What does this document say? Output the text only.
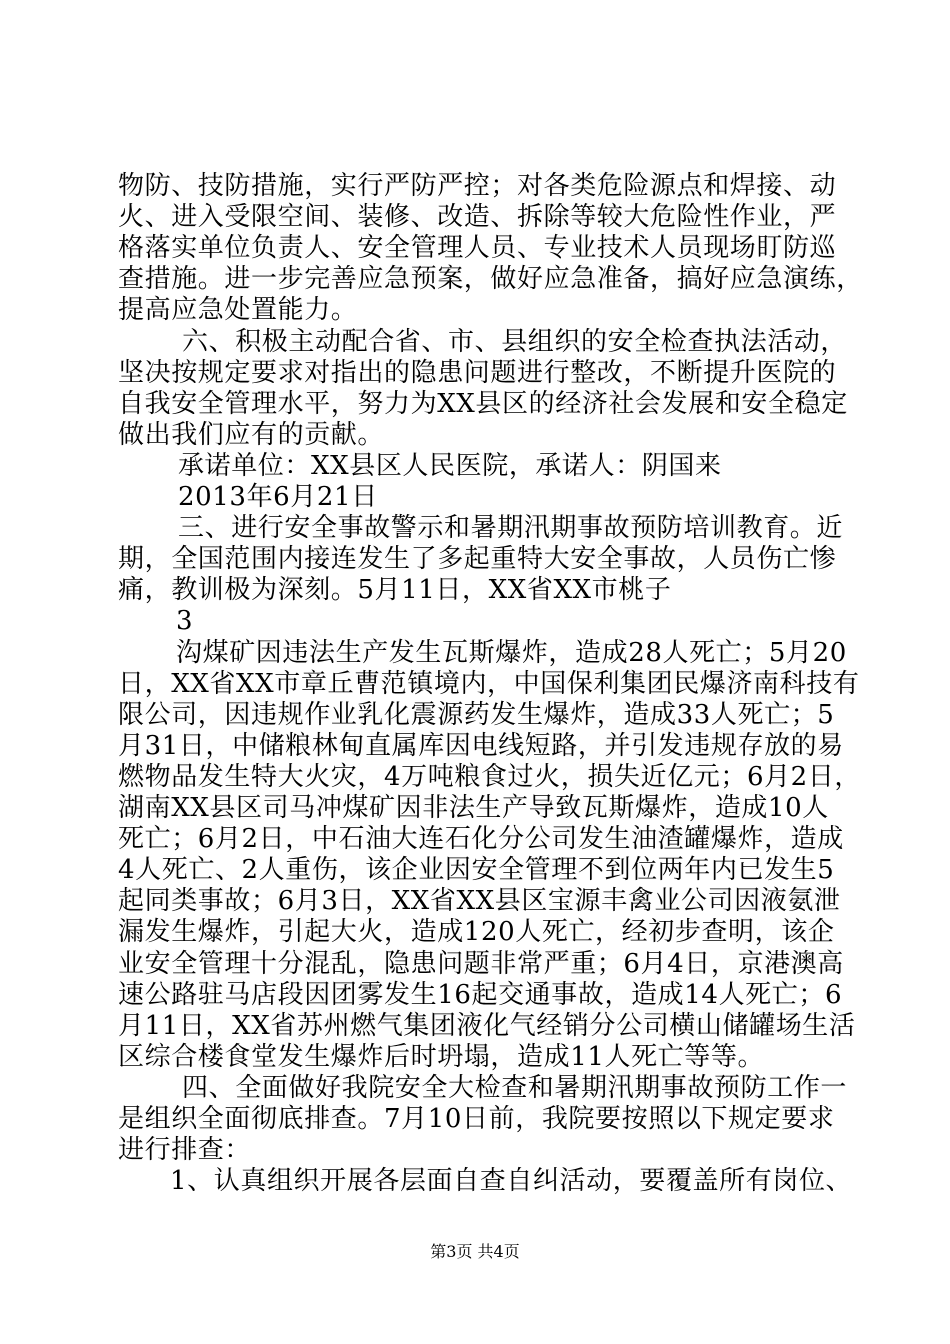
物防、技防措施，实行严防严控；对各类危险源点和焊接、动
火、进入受限空间、装修、改造、拆除等较大危险性作业，严
格落实单位负责人、安全管理人员、专业技术人员现场盯防巡
查措施。进一步完善应急预案，做好应急准备，搞好应急演练，
提高应急处置能力。
六、积极主动配合省、市、县组织的安全检查执法活动，
坚决按规定要求对指出的隐患问题进行整改，不断提升医院的
自我安全管理水平，努力为XX县区的经济社会发展和安全稳定
做出我们应有的贡献。
承诺单位：XX县区人民医院，承诺人：阴国来
2013年6月21日
三、进行安全事故警示和暑期汛期事故预防培训教育。近
期，全国范围内接连发生了多起重特大安全事故，人员伤亡惨
痛，教训极为深刻。5月11日，XX省XX市桃子
3
沟煤矿因违法生产发生瓦斯爆炸，造成28人死亡；5月20
日，XX省XX市章丘曹范镇境内，中国保利集团民爆济南科技有
限公司，因违规作业乳化震源药发生爆炸，造成33人死亡；5
月31日，中储粮林甸直属库因电线短路，并引发违规存放的易
燃物品发生特大火灾，4万吨粮食过火，损失近亿元；6月2日，
湖南XX县区司马冲煤矿因非法生产导致瓦斯爆炸，造成10人
死亡；6月2日，中石油大连石化分公司发生油渣罐爆炸，造成
4人死亡、2人重伤，该企业因安全管理不到位两年内已发生5
起同类事故；6月3日，XX省XX县区宝源丰禽业公司因液氨泄
漏发生爆炸，引起大火，造成120人死亡，经初步查明，该企
业安全管理十分混乱，隐患问题非常严重；6月4日，京港澳高
速公路驻马店段因团雾发生16起交通事故，造成14人死亡；6
月11日，XX省苏州燃气集团液化气经销分公司横山储罐场生活
区综合楼食堂发生爆炸后时坍塌，造成11人死亡等等。
四、全面做好我院安全大检查和暑期汛期事故预防工作一
是组织全面彻底排查。7月10日前，我院要按照以下规定要求
进行排查：
1、认真组织开展各层面自查自纠活动，要覆盖所有岗位、
第3页 共4页
